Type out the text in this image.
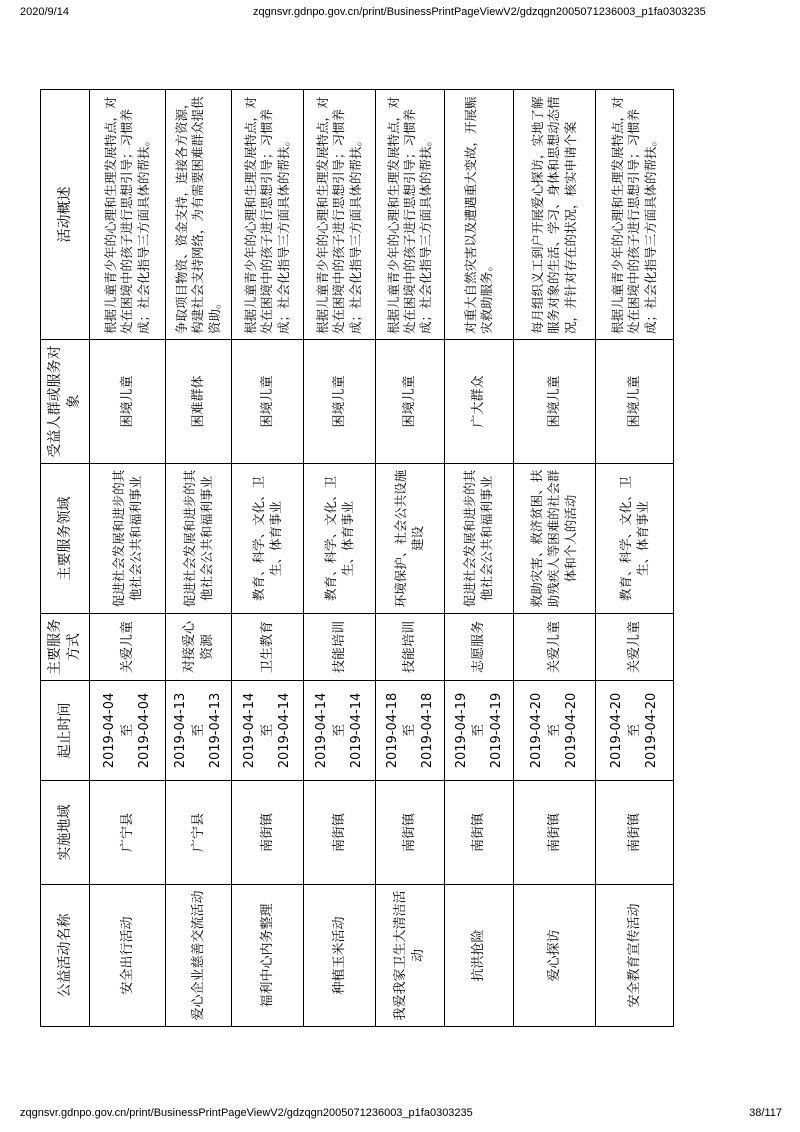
2020/9/14	zqgnsvr.gdnpo.gov.cn/print/BusinessPrintPageViewV2/gdzqgn2005071236003_p1fa0303235
公益活动名称	实施地域	起止时间	主要服务方式	主要服务领域	受益人群或服务对象	活动概述
安全出行活动	广宁县	2019-04-04 至 2019-04-04	关爱儿童	促进社会发展和进步的其他社会公共和福利事业	困境儿童	根据儿童青少年的心理和生理发展特点，对处在困境中的孩子进行思想引导；习惯养成；社会化指导三方面具体的帮扶。
爱心企业慈善交流活动	广宁县	2019-04-13 至 2019-04-13	对接爱心资源	促进社会发展和进步的其他社会公共和福利事业	困难群体	争取项目物资、资金支持，连接各方资源，构建社会支持网络，为有需要困难群众提供资助。
福利中心内务整理	南街镇	2019-04-14 至 2019-04-14	卫生教育	教育、科学、文化、卫生、体育事业	困境儿童	根据儿童青少年的心理和生理发展特点，对处在困境中的孩子进行思想引导；习惯养成；社会化指导三方面具体的帮扶。
种植玉米活动	南街镇	2019-04-14 至 2019-04-14	技能培训	教育、科学、文化、卫生、体育事业	困境儿童	根据儿童青少年的心理和生理发展特点，对处在困境中的孩子进行思想引导；习惯养成；社会化指导三方面具体的帮扶。
我爱我家卫生大清洁活动	南街镇	2019-04-18 至 2019-04-18	技能培训	环境保护、社会公共设施建设	困境儿童	根据儿童青少年的心理和生理发展特点，对处在困境中的孩子进行思想引导；习惯养成；社会化指导三方面具体的帮扶。
抗洪抢险	南街镇	2019-04-19 至 2019-04-19	志愿服务	促进社会发展和进步的其他社会公共和福利事业	广大群众	对重大自然灾害以及遭遇重大变故，开展赈灾救助服务。
爱心探访	南街镇	2019-04-20 至 2019-04-20	关爱儿童	救助灾害、救济贫困、扶助残疾人等困难的社会群体和个人的活动	困境儿童	每月组织义工到户开展爱心探访，实地了解服务对象的生活、学习、身体和思想动态情况，并针对存在的状况，核实申请个案
安全教育宣传活动	南街镇	2019-04-20 至 2019-04-20	关爱儿童	教育、科学、文化、卫生、体育事业	困境儿童	根据儿童青少年的心理和生理发展特点，对处在困境中的孩子进行思想引导；习惯养成；社会化指导三方面具体的帮扶。
zqgnsvr.gdnpo.gov.cn/print/BusinessPrintPageViewV2/gdzqgn2005071236003_p1fa0303235	38/117
